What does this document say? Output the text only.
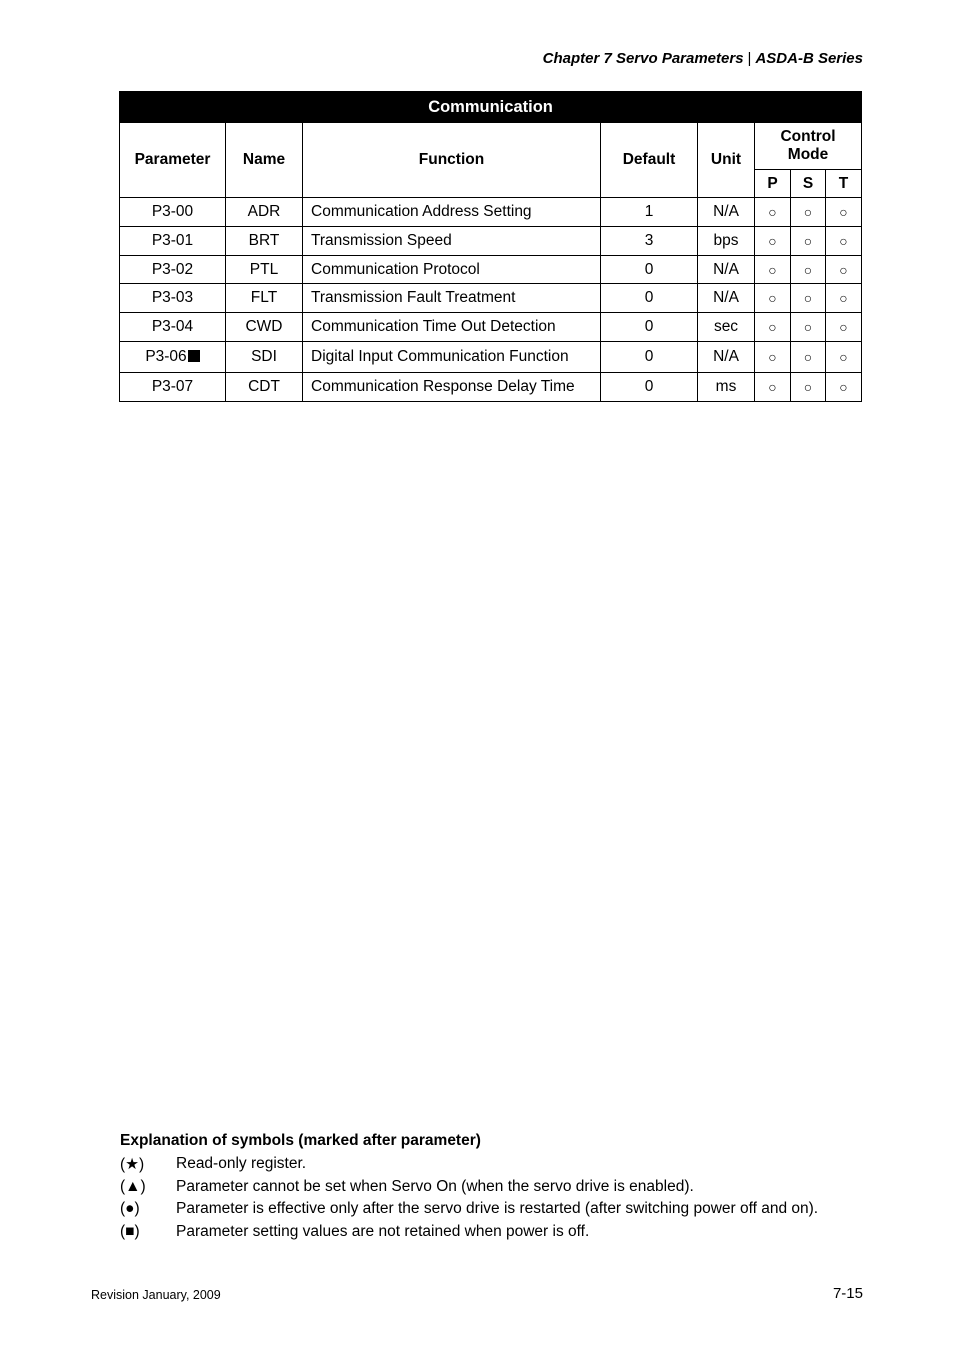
Chapter 7 Servo Parameters | ASDA-B Series
Communication							
Parameter	Name	Function	Default	Unit	Control Mode		
					P	S	T
P3-00	ADR	Communication Address Setting	1	N/A	○	○	○
P3-01	BRT	Transmission Speed	3	bps	○	○	○
P3-02	PTL	Communication Protocol	0	N/A	○	○	○
P3-03	FLT	Transmission Fault Treatment	0	N/A	○	○	○
P3-04	CWD	Communication Time Out Detection	0	sec	○	○	○
P3-06	SDI	Digital Input Communication Function	0	N/A	○	○	○
P3-07	CDT	Communication Response Delay Time	0	ms	○	○	○
Explanation of symbols (marked after parameter)
(★)	Read-only register.
(▲)	Parameter cannot be set when Servo On (when the servo drive is enabled).
(●)	Parameter is effective only after the servo drive is restarted (after switching power off and on).
(■)	Parameter setting values are not retained when power is off.
Revision January, 2009	7-15
